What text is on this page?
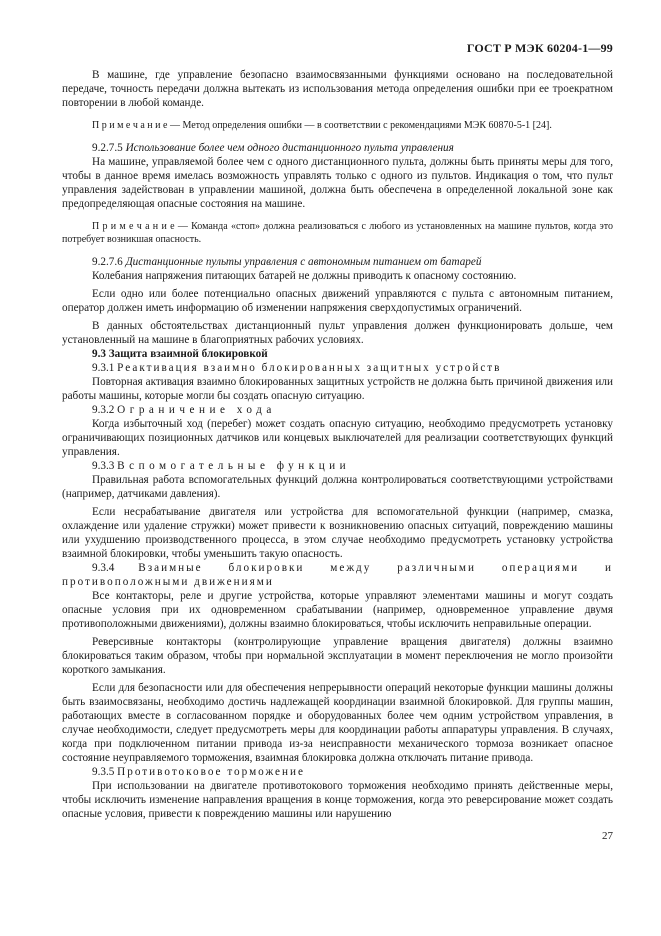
ГОСТ Р МЭК 60204-1—99

В машине, где управление безопасно взаимосвязанными функциями основано на последовательной передаче, точность передачи должна вытекать из использования метода определения ошибки при ее троекратном повторении в любой команде.

П р и м е ч а н и е — Метод определения ошибки — в соответствии с рекомендациями МЭК 60870-5-1 [24].

9.2.7.5 Использование более чем одного дистанционного пульта управления

На машине, управляемой более чем с одного дистанционного пульта, должны быть приняты меры для того, чтобы в данное время имелась возможность управлять только с одного из пультов. Индикация о том, что пульт управления задействован в управлении машиной, должна быть обеспечена в определенной локальной зоне как предопределяющая опасные состояния на машине.

П р и м е ч а н и е — Команда «стоп» должна реализоваться с любого из установленных на машине пультов, когда это потребует возникшая опасность.

9.2.7.6 Дистанционные пульты управления с автономным питанием от батарей

Колебания напряжения питающих батарей не должны приводить к опасному состоянию.

Если одно или более потенциально опасных движений управляются с пульта с автономным питанием, оператор должен иметь информацию об изменении напряжения сверхдопустимых ограничений.

В данных обстоятельствах дистанционный пульт управления должен функционировать дольше, чем установленный на машине в благоприятных рабочих условиях.

9.3 Защита взаимной блокировкой

9.3.1 Реактивация взаимно блокированных защитных устройств

Повторная активация взаимно блокированных защитных устройств не должна быть причиной движения или работы машины, которые могли бы создать опасную ситуацию.

9.3.2 Ограничение хода

Когда избыточный ход (перебег) может создать опасную ситуацию, необходимо предусмотреть установку ограничивающих позиционных датчиков или концевых выключателей для реализации соответствующих функций управления.

9.3.3 Вспомогательные функции

Правильная работа вспомогательных функций должна контролироваться соответствующими устройствами (например, датчиками давления).

Если несрабатывание двигателя или устройства для вспомогательной функции (например, смазка, охлаждение или удаление стружки) может привести к возникновению опасных ситуаций, повреждению машины или ухудшению производственного процесса, в этом случае необходимо предусмотреть установку устройства взаимной блокировки, чтобы уменьшить такую опасность.

9.3.4 Взаимные блокировки между различными операциями и противоположными движениями

Все контакторы, реле и другие устройства, которые управляют элементами машины и могут создать опасные условия при их одновременном срабатывании (например, одновременное управление двумя противоположными движениями), должны взаимно блокироваться, чтобы исключить неправильные операции.

Реверсивные контакторы (контролирующие управление вращения двигателя) должны взаимно блокироваться таким образом, чтобы при нормальной эксплуатации в момент переключения не могло произойти короткого замыкания.

Если для безопасности или для обеспечения непрерывности операций некоторые функции машины должны быть взаимосвязаны, необходимо достичь надлежащей координации взаимной блокировкой. Для группы машин, работающих вместе в согласованном порядке и оборудованных более чем одним устройством управления, в случае необходимости, следует предусмотреть меры для координации работы аппаратуры управления. В случаях, когда при подключенном питании привода из-за неисправности механического тормоза возникает опасное состояние неуправляемого торможения, взаимная блокировка должна отключать питание привода.

9.3.5 Противотоковое торможение

При использовании на двигателе противотокового торможения необходимо принять действенные меры, чтобы исключить изменение направления вращения в конце торможения, когда это реверсирование может создать опасные условия, привести к повреждению машины или нарушению

27
